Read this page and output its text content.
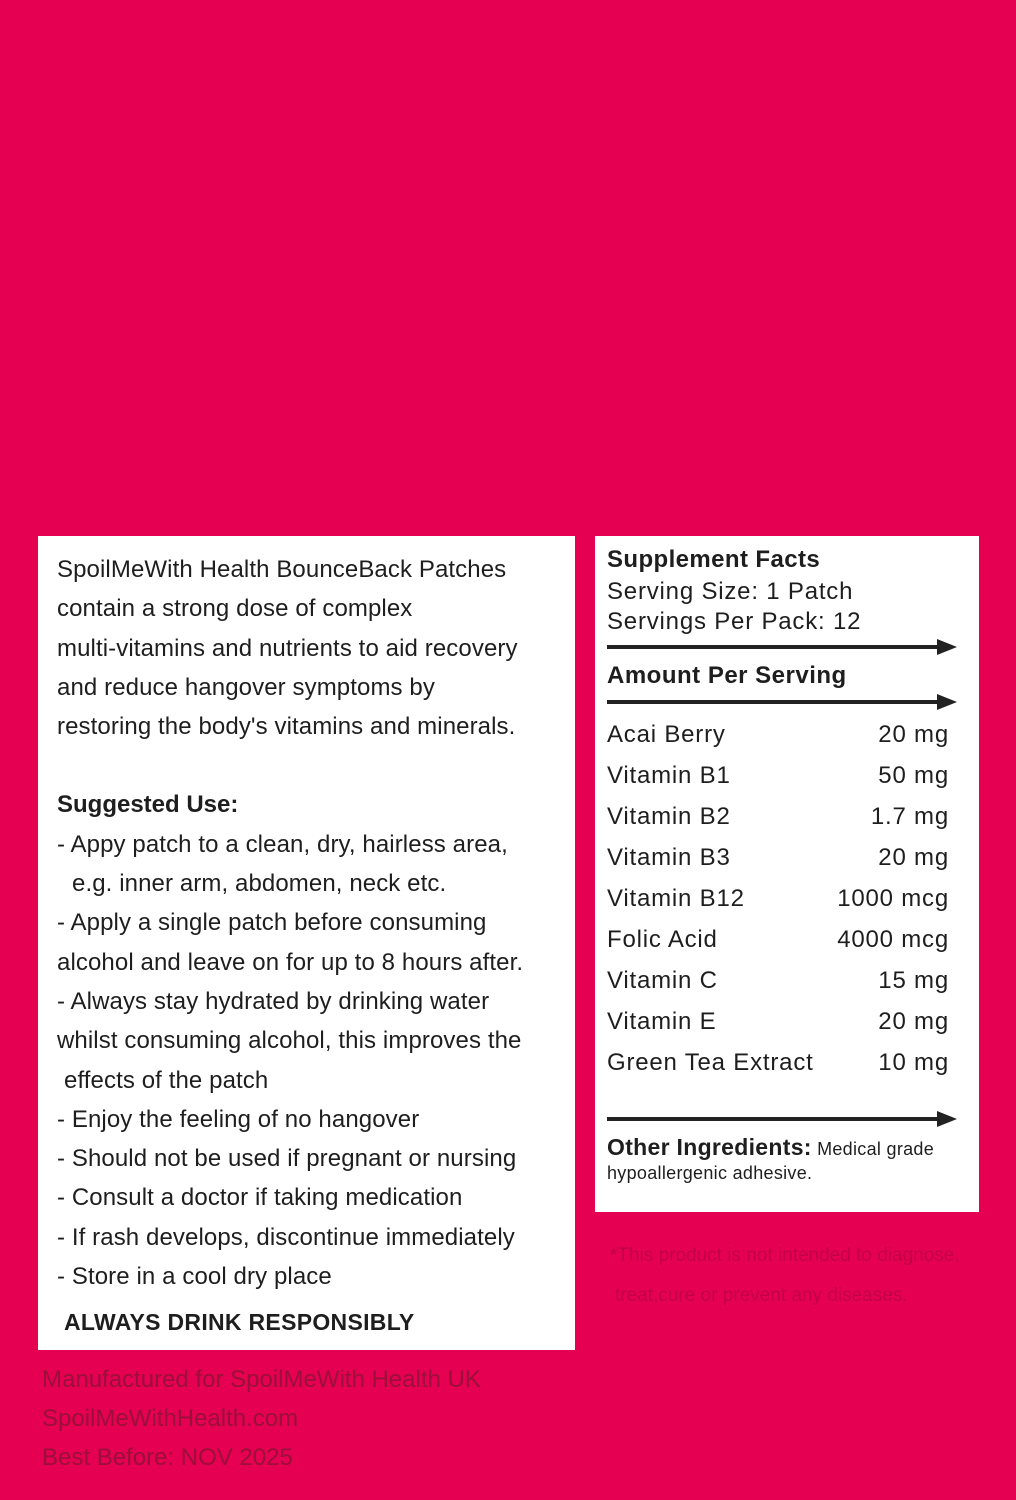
SpoilMeWith Health BounceBack Patches
contain a strong dose of complex
multi-vitamins and nutrients to aid recovery
and reduce hangover symptoms by
restoring the body's vitamins and minerals.
Suggested Use:
- Appy patch to a clean, dry, hairless area,
e.g. inner arm, abdomen, neck etc.
- Apply a single patch before consuming
alcohol and leave on for up to 8 hours after.
- Always stay hydrated by drinking water
whilst consuming alcohol, this improves the
effects of the patch
- Enjoy the feeling of no hangover
- Should not be used if pregnant or nursing
- Consult a doctor if taking medication
- If rash develops, discontinue immediately
- Store in a cool dry place
ALWAYS DRINK RESPONSIBLY
Supplement Facts
Serving Size: 1 Patch
Servings Per Pack: 12
Amount Per Serving
Acai Berry	20 mg
Vitamin B1	50 mg
Vitamin B2	1.7 mg
Vitamin B3	20 mg
Vitamin B12	1000 mcg
Folic Acid	4000 mcg
Vitamin C	15 mg
Vitamin E	20 mg
Green Tea Extract	10 mg
Other Ingredients: Medical grade
hypoallergenic adhesive.
*This product is not intended to diagnose,
treat,cure or prevent any diseases.
Manufactured for SpoilMeWith Health UK
SpoilMeWithHealth.com
Best Before: NOV 2025
